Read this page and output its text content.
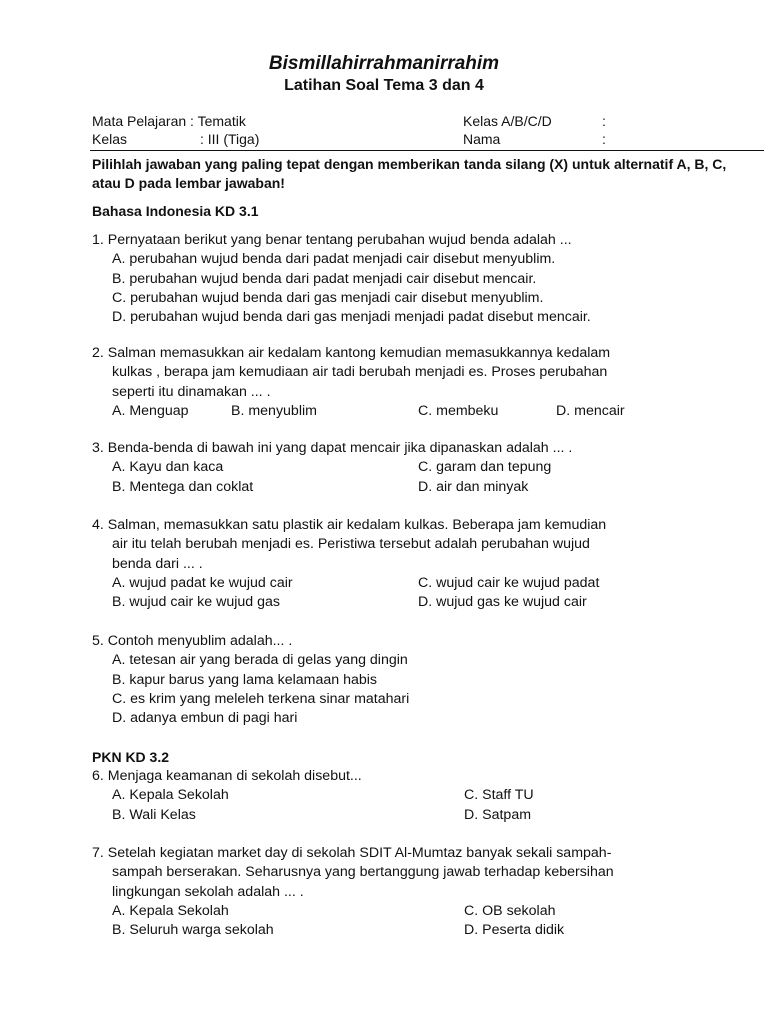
Bismillahirrahmanirrahim
Latihan Soal Tema 3 dan 4
Mata Pelajaran : Tematik	Kelas A/B/C/D	:
Kelas	: III (Tiga)	Nama	:
Pilihlah jawaban yang paling tepat dengan memberikan tanda silang (X) untuk alternatif A, B, C, atau D pada lembar jawaban!
Bahasa Indonesia KD 3.1
1. Pernyataan berikut yang benar tentang perubahan wujud benda adalah ...
A. perubahan wujud benda dari padat menjadi cair disebut menyublim.
B. perubahan wujud benda dari padat menjadi cair disebut mencair.
C. perubahan wujud benda dari gas menjadi cair disebut menyublim.
D. perubahan wujud benda dari gas menjadi menjadi padat disebut mencair.
2. Salman memasukkan air kedalam kantong kemudian memasukkannya kedalam
kulkas , berapa jam kemudiaan air tadi berubah menjadi es. Proses perubahan
seperti itu dinamakan ... .
A. Menguap	B. menyublim	C. membeku	D. mencair
3. Benda-benda di bawah ini yang dapat mencair jika dipanaskan adalah ... .
A. Kayu dan kaca	C. garam dan tepung
B. Mentega dan coklat	D. air dan minyak
4. Salman, memasukkan satu plastik air kedalam kulkas. Beberapa jam kemudian
air itu telah berubah menjadi es. Peristiwa tersebut adalah perubahan wujud
benda dari ... .
A. wujud padat ke wujud cair	C. wujud cair ke wujud padat
B. wujud cair ke wujud gas	D. wujud gas ke wujud cair
5. Contoh menyublim adalah... .
A. tetesan air yang berada di gelas yang dingin
B. kapur barus yang lama kelamaan habis
C. es krim yang meleleh terkena sinar matahari
D. adanya embun di pagi hari
PKN KD 3.2
6. Menjaga keamanan di sekolah disebut...
A. Kepala Sekolah	C. Staff TU
B. Wali Kelas	D. Satpam
7. Setelah kegiatan market day di sekolah SDIT Al-Mumtaz banyak sekali sampah-
sampah berserakan. Seharusnya yang bertanggung jawab terhadap kebersihan
lingkungan sekolah adalah ... .
A. Kepala Sekolah	C. OB sekolah
B. Seluruh warga sekolah	D. Peserta didik
